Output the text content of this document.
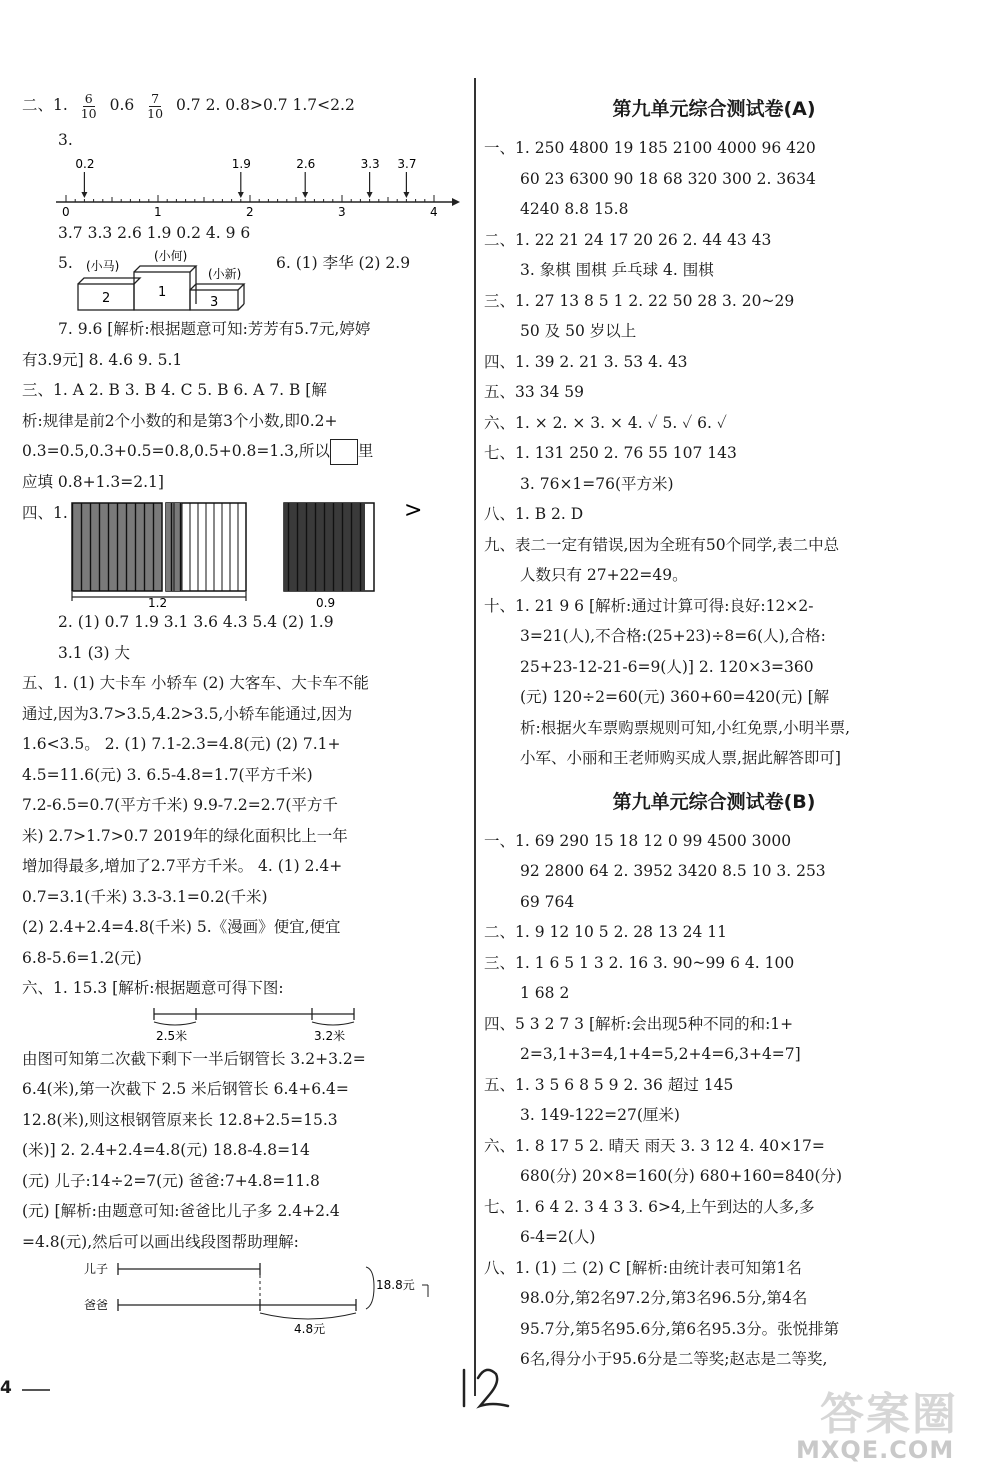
二、1. $\frac{6}{10} 0.6 \frac{7}{10} 0.7$ 2. 0.8>0.7 1.7<2.2
3.
0	1	2	3	4
0.2	1.9	2.6	3.3 3.7
3.7 3.3 2.6 1.9 0.2 4. 9 6
5. (小马)
(小何)
(小新)
2	1
3
6. (1) 李华 (2) 2.9
7. 9.6 [解析:根据题意可知:芳芳有5.7元,婷婷
有3.9元] 8. 4.6 9. 5.1
三、1. A 2. B 3. B 4. C 5. B 6. A 7. B [解
析:规律是前2个小数的和是第3个小数,即0.2+
0.3=0.5,0.3+0.5=0.8,0.5+0.8=1.3,所以 里
应填 0.8+1.3=2.1]
四、1.	>
1.2	0.9
2. (1) 0.7 1.9 3.1 3.6 4.3 5.4 (2) 1.9
3.1 (3) 大
五、1. (1) 大卡车 小轿车 (2) 大客车、大卡车不能
通过,因为3.7>3.5,4.2>3.5,小轿车能通过,因为
1.6<3.5。 2. (1) 7.1-2.3=4.8(元) (2) 7.1+
4.5=11.6(元) 3. 6.5-4.8=1.7(平方千米)
7.2-6.5=0.7(平方千米) 9.9-7.2=2.7(平方千
米) 2.7>1.7>0.7 2019年的绿化面积比上一年
增加得最多,增加了2.7平方千米。 4. (1) 2.4+
0.7=3.1(千米) 3.3-3.1=0.2(千米)
(2) 2.4+2.4=4.8(千米) 5.《漫画》便宜,便宜
6.8-5.6=1.2(元)
六、1. 15.3 [解析:根据题意可得下图:
2.5米	3.2米
由图可知第二次截下剩下一半后钢管长 3.2+3.2=
6.4(米),第一次截下 2.5 米后钢管长 6.4+6.4=
12.8(米),则这根钢管原来长 12.8+2.5=15.3
(米)] 2. 2.4+2.4=4.8(元) 18.8-4.8=14
(元) 儿子:14÷2=7(元) 爸爸:7+4.8=11.8
(元) [解析:由题意可知:爸爸比儿子多 2.4+2.4
=4.8(元),然后可以画出线段图帮助理解:
儿子
爸爸
4.8元
18.8元
第九单元综合测试卷(A)
一、1. 250 4800 19 185 2100 4000 96 420
60 23 6300 90 18 68 320 300 2. 3634
4240 8.8 15.8
二、1. 22 21 24 17 20 26 2. 44 43 43
3. 象棋 围棋 乒乓球 4. 围棋
三、1. 27 13 8 5 1 2. 22 50 28 3. 20~29
50 及 50 岁以上
四、1. 39 2. 21 3. 53 4. 43
五、33 34 59
六、1. × 2. × 3. × 4. ✓ 5. ✓ 6. ✓
七、1. 131 250 2. 76 55 107 143
3. 76×1=76(平方米)
八、1. B 2. D
九、表二一定有错误,因为全班有50个同学,表二中总
人数只有 27+22=49。
十、1. 21 9 6 [解析:通过计算可得:良好:12×2-
3=21(人),不合格:(25+23)÷8=6(人),合格:
25+23-12-21-6=9(人)] 2. 120×3=360
(元) 120÷2=60(元) 360+60=420(元) [解
析:根据火车票购票规则可知,小红免票,小明半票,
小军、小丽和王老师购买成人票,据此解答即可]
第九单元综合测试卷(B)
一、1. 69 290 15 18 12 0 99 4500 3000
92 2800 64 2. 3952 3420 8.5 10 3. 253
69 764
二、1. 9 12 10 5 2. 28 13 24 11
三、1. 1 6 5 1 3 2. 16 3. 90~99 6 4. 100
1 68 2
四、5 3 2 7 3 [解析:会出现5种不同的和:1+
2=3,1+3=4,1+4=5,2+4=6,3+4=7]
五、1. 3 5 6 8 5 9 2. 36 超过 145
3. 149-122=27(厘米)
六、1. 8 17 5 2. 晴天 雨天 3. 3 12 4. 40×17=
680(分) 20×8=160(分) 680+160=840(分)
七、1. 6 4 2. 3 4 3 3. 6>4,上午到达的人多,多
6-4=2(人)
八、1. (1) 二 (2) C [解析:由统计表可知第1名
98.0分,第2名97.2分,第3名96.5分,第4名
95.7分,第5名95.6分,第6名95.3分。张悦排第
6名,得分小于95.6分是二等奖;赵志是二等奖,
4
答案圈
MXQE.COM
